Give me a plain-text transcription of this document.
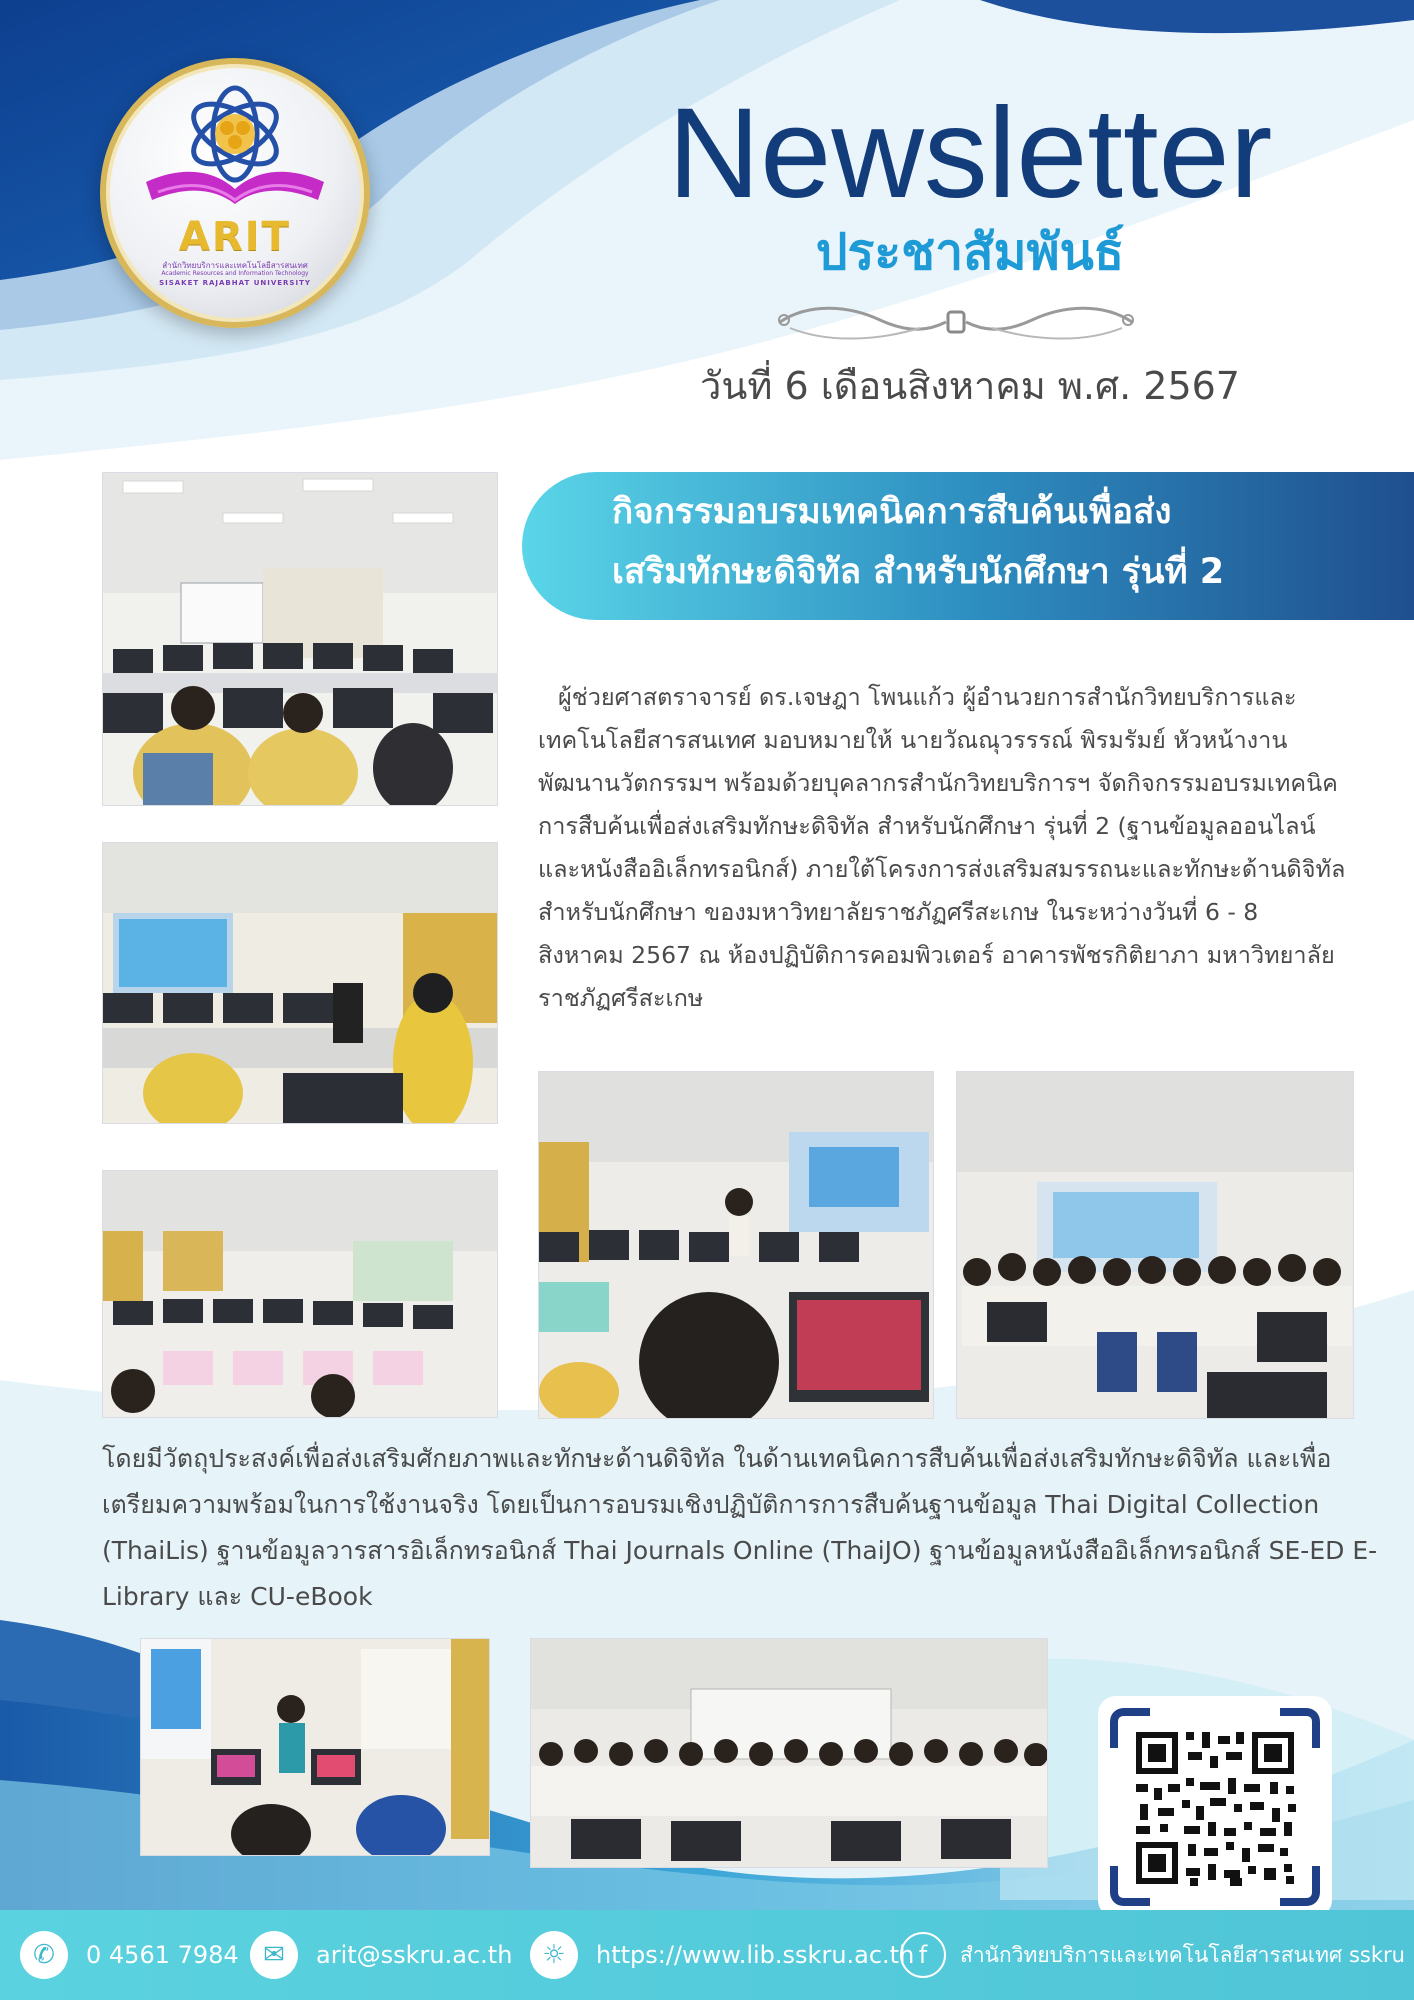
ARIT
สำนักวิทยบริการและเทคโนโลยีสารสนเทศ
Academic Resources and Information Technology
SISAKET RAJABHAT UNIVERSITY
Newsletter
ประชาสัมพันธ์
วันที่ 6 เดือนสิงหาคม พ.ศ. 2567
กิจกรรมอบรมเทคนิคการสืบค้นเพื่อส่ง
เสริมทักษะดิจิทัล สำหรับนักศึกษา รุ่นที่ 2
ผู้ช่วยศาสตราจารย์ ดร.เจษฎา โพนแก้ว ผู้อำนวยการสำนักวิทยบริการและเทคโนโลยีสารสนเทศ มอบหมายให้ นายวัณณุวรรรณ์ พิรมรัมย์ หัวหน้างานพัฒนานวัตกรรมฯ พร้อมด้วยบุคลากรสำนักวิทยบริการฯ จัดกิจกรรมอบรมเทคนิคการสืบค้นเพื่อส่งเสริมทักษะดิจิทัล สำหรับนักศึกษา รุ่นที่ 2 (ฐานข้อมูลออนไลน์และหนังสืออิเล็กทรอนิกส์) ภายใต้โครงการส่งเสริมสมรรถนะและทักษะด้านดิจิทัล สำหรับนักศึกษา ของมหาวิทยาลัยราชภัฏศรีสะเกษ ในระหว่างวันที่ 6 - 8 สิงหาคม 2567 ณ ห้องปฏิบัติการคอมพิวเตอร์ อาคารพัชรกิติยาภา มหาวิทยาลัยราชภัฏศรีสะเกษ
โดยมีวัตถุประสงค์เพื่อส่งเสริมศักยภาพและทักษะด้านดิจิทัล ในด้านเทคนิคการสืบค้นเพื่อส่งเสริมทักษะดิจิทัล และเพื่อเตรียมความพร้อมในการใช้งานจริง โดยเป็นการอบรมเชิงปฏิบัติการการสืบค้นฐานข้อมูล Thai Digital Collection (ThaiLis) ฐานข้อมูลวารสารอิเล็กทรอนิกส์ Thai Journals Online (ThaiJO) ฐานข้อมูลหนังสืออิเล็กทรอนิกส์ SE-ED E-Library และ CU-eBook
✆	0 4561 7984 ✉	arit@sskru.ac.th	☼	https://www.lib.sskru.ac.th f	สำนักวิทยบริการและเทคโนโลยีสารสนเทศ sskru
